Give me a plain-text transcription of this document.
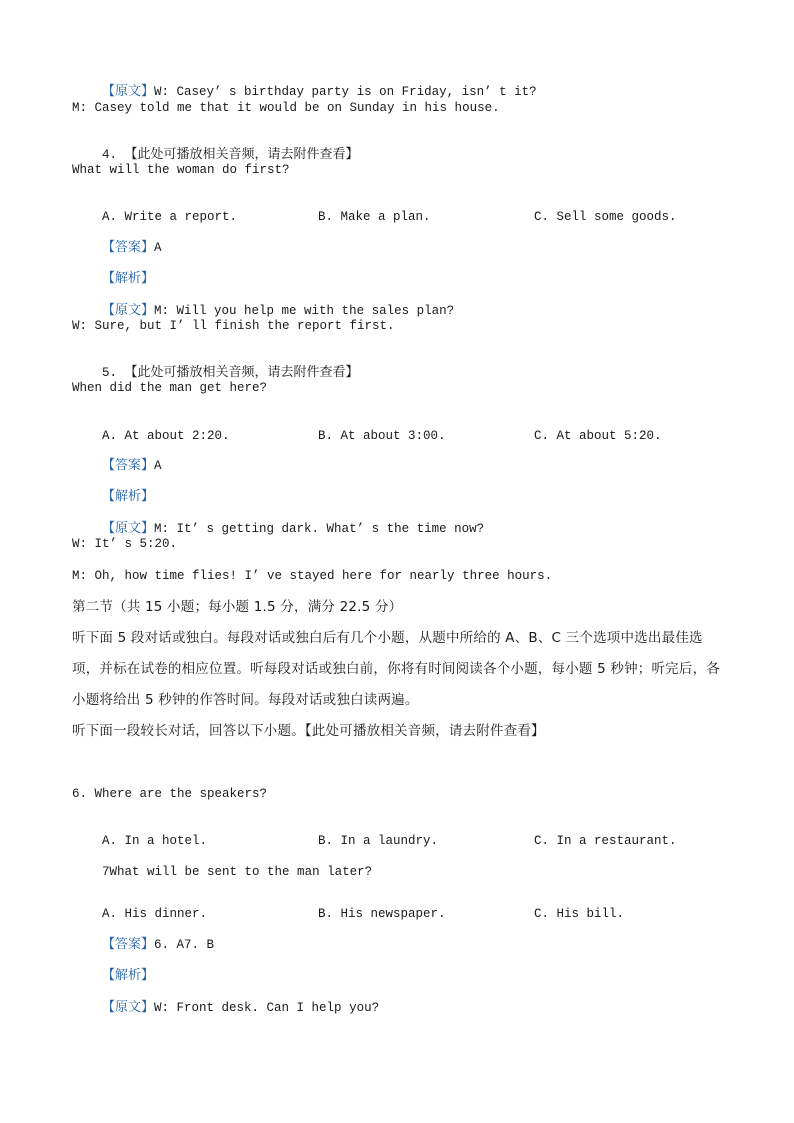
【原文】W: Casey’ s birthday party is on Friday, isn’ t it?

M: Casey told me that it would be on Sunday in his house.

4. 【此处可播放相关音频，请去附件查看】

What will the woman do first?

A. Write a report.	B. Make a plan.	C. Sell some goods.

【答案】A

【解析】

【原文】M: Will you help me with the sales plan?

W: Sure, but I’ ll finish the report first.

5. 【此处可播放相关音频，请去附件查看】

When did the man get here?

A. At about 2:20.	B. At about 3:00.	C. At about 5:20.

【答案】A

【解析】

【原文】M: It’ s getting dark. What’ s the time now?

W: It’ s 5:20.
M: Oh, how time flies! I’ ve stayed here for nearly three hours.
第二节（共 15 小题；每小题 1.5 分，满分 22.5 分）
听下面 5 段对话或独白。每段对话或独白后有几个小题，从题中所给的 A、B、C 三个选项中选出最佳选项，并标在试卷的相应位置。听每段对话或独白前，你将有时间阅读各个小题，每小题 5 秒钟；听完后，各小题将给出 5 秒钟的作答时间。每段对话或独白读两遍。
听下面一段较长对话，回答以下小题。【此处可播放相关音频，请去附件查看】
6. Where are the speakers?

A. In a hotel.	B. In a laundry.	C. In a restaurant.

7What will be sent to the man later?

A. His dinner.	B. His newspaper.	C. His bill.

【答案】6. A7. B

【解析】

【原文】W: Front desk. Can I help you?
